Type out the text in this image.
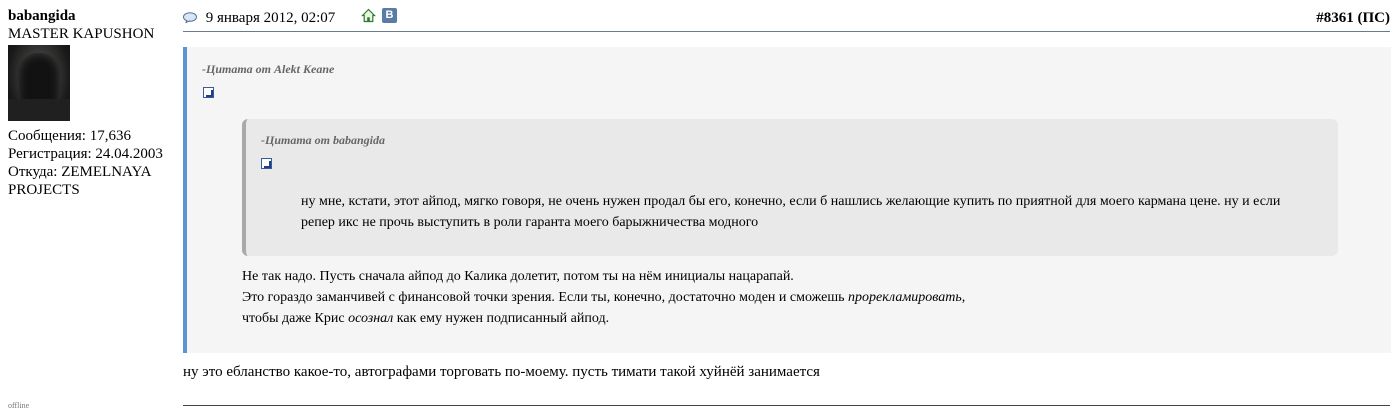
babangida
MASTER KAPUSHON
Сообщения: 17,636
Регистрация: 24.04.2003
Откуда: ZEMELNAYA PROJECTS
offline
9 января 2012, 02:07	B	#8361 (ПС)
-Цитата от Alekt Keane
-Цитата от babangida
ну мне, кстати, этот айпод, мягко говоря, не очень нужен продал бы его, конечно, если б нашлись желающие купить по приятной для моего кармана цене. ну и если репер икс не прочь выступить в роли гаранта моего барыжничества модного
Не так надо. Пусть сначала айпод до Калика долетит, потом ты на нём инициалы нацарапай.
Это гораздо заманчивей с финансовой точки зрения. Если ты, конечно, достаточно моден и сможешь прорекламировать,
чтобы даже Крис осознал как ему нужен подписанный айпод.
ну это ебланство какое-то, автографами торговать по-моему. пусть тимати такой хуйнёй занимается
